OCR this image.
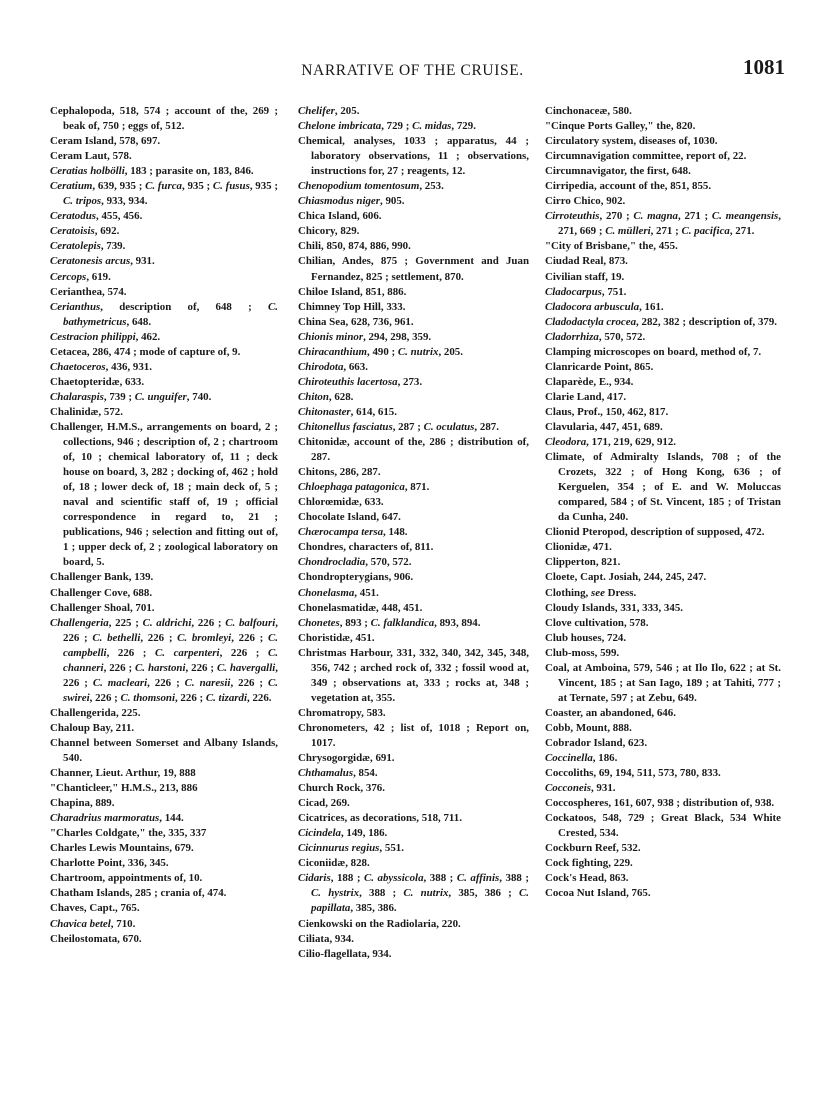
NARRATIVE OF THE CRUISE.	1081
Cephalopoda, 518, 574 ; account of the, 269 ; beak of, 750 ; eggs of, 512.
Ceram Island, 578, 697.
Ceram Laut, 578.
Ceratias holbölli, 183 ; parasite on, 183, 846.
Ceratium, 639, 935 ; C. furca, 935 ; C. fusus, 935 ; C. tripos, 933, 934.
Ceratodus, 455, 456.
Ceratoisis, 692.
Ceratolepis, 739.
Ceratonesis arcus, 931.
Cercops, 619.
Cerianthea, 574.
Cerianthus, description of, 648 ; C. bathymetricus, 648.
Cestracion philippi, 462.
Cetacea, 286, 474 ; mode of capture of, 9.
Chaetoceros, 436, 931.
Chaetopteridæ, 633.
Chalaraspis, 739 ; C. unguifer, 740.
Chalinidæ, 572.
Challenger, H.M.S., arrangements on board, 2 ; collections, 946 ; description of, 2 ; chartroom of, 10 ; chemical laboratory of, 11 ; deck house on board, 3, 282 ; docking of, 462 ; hold of, 18 ; lower deck of, 18 ; main deck of, 5 ; naval and scientific staff of, 19 ; official correspondence in regard to, 21 ; publications, 946 ; selection and fitting out of, 1 ; upper deck of, 2 ; zoological laboratory on board, 5.
Challenger Bank, 139.
Challenger Cove, 688.
Challenger Shoal, 701.
Challengeria, 225 ; C. aldrichi, 226 ; C. balfouri, 226 ; C. bethelli, 226 ; C. bromleyi, 226 ; C. campbelli, 226 ; C. carpenteri, 226 ; C. channeri, 226 ; C. harstoni, 226 ; C. havergalli, 226 ; C. macleari, 226 ; C. naresii, 226 ; C. swirei, 226 ; C. thomsoni, 226 ; C. tizardi, 226.
Challengerida, 225.
Chaloup Bay, 211.
Channel between Somerset and Albany Islands, 540.
Channer, Lieut. Arthur, 19, 888
"Chanticleer," H.M.S., 213, 886
Chapina, 889.
Charadrius marmoratus, 144.
"Charles Coldgate," the, 335, 337
Charles Lewis Mountains, 679.
Charlotte Point, 336, 345.
Chartroom, appointments of, 10.
Chatham Islands, 285 ; crania of, 474.
Chaves, Capt., 765.
Chavica betel, 710.
Cheilostomata, 670.
Chelifer, 205.
Chelone imbricata, 729 ; C. midas, 729.
Chemical, analyses, 1033 ; apparatus, 44 ; laboratory observations, 11 ; observations, instructions for, 27 ; reagents, 12.
Chenopodium tomentosum, 253.
Chiasmodus niger, 905.
Chica Island, 606.
Chicory, 829.
Chili, 850, 874, 886, 990.
Chilian, Andes, 875 ; Government and Juan Fernandez, 825 ; settlement, 870.
Chiloe Island, 851, 886.
Chimney Top Hill, 333.
China Sea, 628, 736, 961.
Chionis minor, 294, 298, 359.
Chiracanthium, 490 ; C. nutrix, 205.
Chirodota, 663.
Chiroteuthis lacertosa, 273.
Chiton, 628.
Chitonaster, 614, 615.
Chitonellus fasciatus, 287 ; C. oculatus, 287.
Chitonidæ, account of the, 286 ; distribution of, 287.
Chitons, 286, 287.
Chloephaga patagonica, 871.
Chlorœmidæ, 633.
Chocolate Island, 647.
Chærocampa tersa, 148.
Chondres, characters of, 811.
Chondrocladia, 570, 572.
Chondropterygians, 906.
Chonelasma, 451.
Chonelasmatidæ, 448, 451.
Chonetes, 893 ; C. falklandica, 893, 894.
Choristidæ, 451.
Christmas Harbour, 331, 332, 340, 342, 345, 348, 356, 742 ; arched rock of, 332 ; fossil wood at, 349 ; observations at, 333 ; rocks at, 348 ; vegetation at, 355.
Chromatropy, 583.
Chronometers, 42 ; list of, 1018 ; Report on, 1017.
Chrysogorgidæ, 691.
Chthamalus, 854.
Church Rock, 376.
Cicad, 269.
Cicatrices, as decorations, 518, 711.
Cicindela, 149, 186.
Cicinnurus regius, 551.
Ciconiidæ, 828.
Cidaris, 188 ; C. abyssicola, 388 ; C. affinis, 388 ; C. hystrix, 388 ; C. nutrix, 385, 386 ; C. papillata, 385, 386.
Cienkowski on the Radiolaria, 220.
Ciliata, 934.
Cilio-flagellata, 934.
Cinchonaceæ, 580.
"Cinque Ports Galley," the, 820.
Circulatory system, diseases of, 1030.
Circumnavigation committee, report of, 22.
Circumnavigator, the first, 648.
Cirripedia, account of the, 851, 855.
Cirro Chico, 902.
Cirroteuthis, 270 ; C. magna, 271 ; C. meangensis, 271, 669 ; C. mülleri, 271 ; C. pacifica, 271.
"City of Brisbane," the, 455.
Ciudad Real, 873.
Civilian staff, 19.
Cladocarpus, 751.
Cladocora arbuscula, 161.
Cladodactyla crocea, 282, 382 ; description of, 379.
Cladorrhiza, 570, 572.
Clamping microscopes on board, method of, 7.
Clanricarde Point, 865.
Claparède, E., 934.
Clarie Land, 417.
Claus, Prof., 150, 462, 817.
Clavularia, 447, 451, 689.
Cleodora, 171, 219, 629, 912.
Climate, of Admiralty Islands, 708 ; of the Crozets, 322 ; of Hong Kong, 636 ; of Kerguelen, 354 ; of E. and W. Moluccas compared, 584 ; of St. Vincent, 185 ; of Tristan da Cunha, 240.
Clionid Pteropod, description of supposed, 472.
Clionidæ, 471.
Clipperton, 821.
Cloete, Capt. Josiah, 244, 245, 247.
Clothing, see Dress.
Cloudy Islands, 331, 333, 345.
Clove cultivation, 578.
Club houses, 724.
Club-moss, 599.
Coal, at Amboina, 579, 546 ; at Ilo Ilo, 622 ; at St. Vincent, 185 ; at San Iago, 189 ; at Tahiti, 777 ; at Ternate, 597 ; at Zebu, 649.
Coaster, an abandoned, 646.
Cobb, Mount, 888.
Cobrador Island, 623.
Coccinella, 186.
Coccoliths, 69, 194, 511, 573, 780, 833.
Cocconeis, 931.
Coccospheres, 161, 607, 938 ; distribution of, 938.
Cockatoos, 548, 729 ; Great Black, 534 White Crested, 534.
Cockburn Reef, 532.
Cock fighting, 229.
Cock's Head, 863.
Cocoa Nut Island, 765.
